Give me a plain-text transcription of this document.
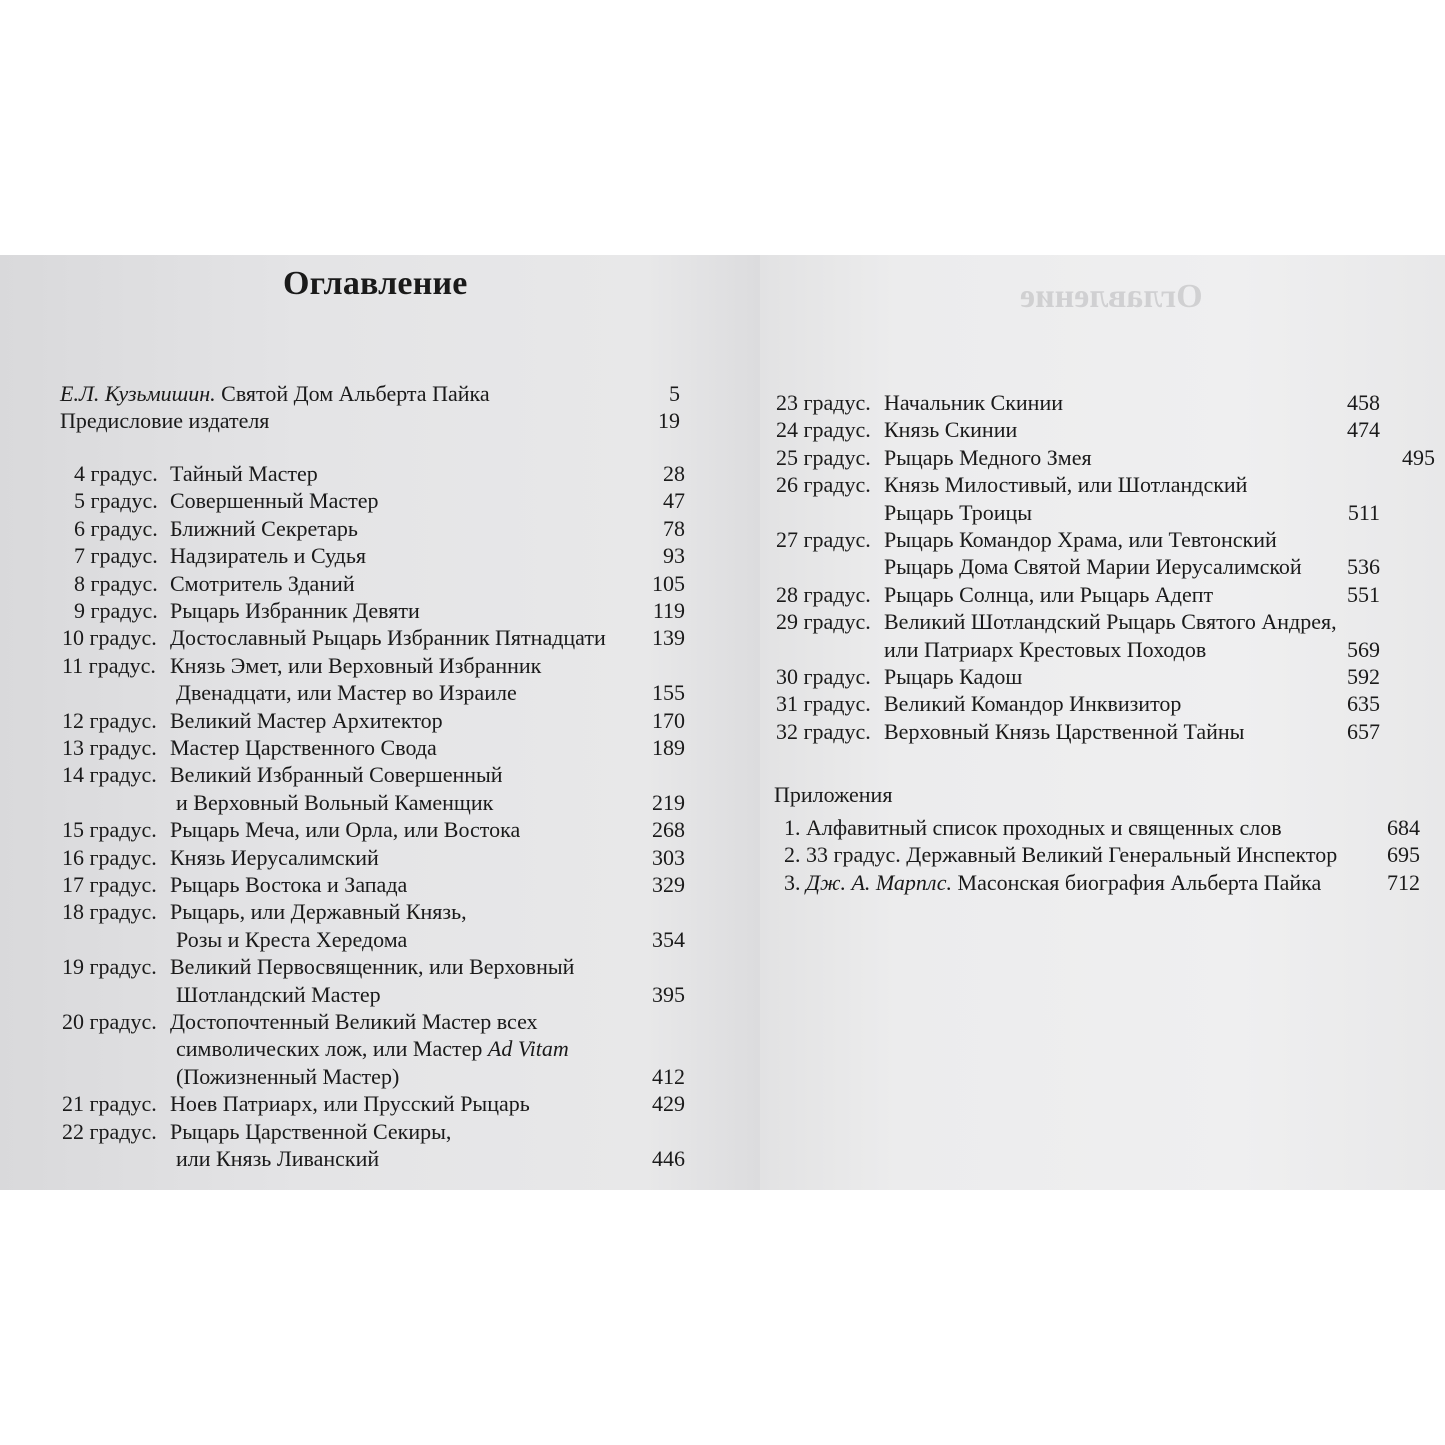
Оглавление
Е.Л. Кузьмишин. Святой Дом Альберта Пайка	5
Предисловие издателя	19
4 градус. Тайный Мастер	28
5 градус. Совершенный Мастер	47
6 градус. Ближний Секретарь	78
7 градус. Надзиратель и Судья	93
8 градус. Смотритель Зданий	105
9 градус. Рыцарь Избранник Девяти	119
10 градус. Достославный Рыцарь Избранник Пятнадцати	139
11 градус. Князь Эмет, или Верховный Избранник
Двенадцати, или Мастер во Израиле	155
12 градус. Великий Мастер Архитектор	170
13 градус. Мастер Царственного Свода	189
14 градус. Великий Избранный Совершенный
и Верховный Вольный Каменщик	219
15 градус. Рыцарь Меча, или Орла, или Востока	268
16 градус. Князь Иерусалимский	303
17 градус. Рыцарь Востока и Запада	329
18 градус. Рыцарь, или Державный Князь,
Розы и Креста Хередома	354
19 градус. Великий Первосвященник, или Верховный
Шотландский Мастер	395
20 градус. Достопочтенный Великий Мастер всех
символических лож, или Мастер Ad Vitam
(Пожизненный Мастер)	412
21 градус. Ноев Патриарх, или Прусский Рыцарь	429
22 градус. Рыцарь Царственной Секиры,
или Князь Ливанский	446
Оглавление
23 градус. Начальник Скинии	458
24 градус. Князь Скинии	474
25 градус. Рыцарь Медного Змея	495
26 градус. Князь Милостивый, или Шотландский
Рыцарь Троицы	511
27 градус. Рыцарь Командор Храма, или Тевтонский
Рыцарь Дома Святой Марии Иерусалимской	536
28 градус. Рыцарь Солнца, или Рыцарь Адепт	551
29 градус. Великий Шотландский Рыцарь Святого Андрея,
или Патриарх Крестовых Походов	569
30 градус. Рыцарь Кадош	592
31 градус. Великий Командор Инквизитор	635
32 градус. Верховный Князь Царственной Тайны	657
Приложения
1. Алфавитный список проходных и священных слов	684
2. 33 градус. Державный Великий Генеральный Инспектор	695
3. Дж. А. Марплс. Масонская биография Альберта Пайка	712
